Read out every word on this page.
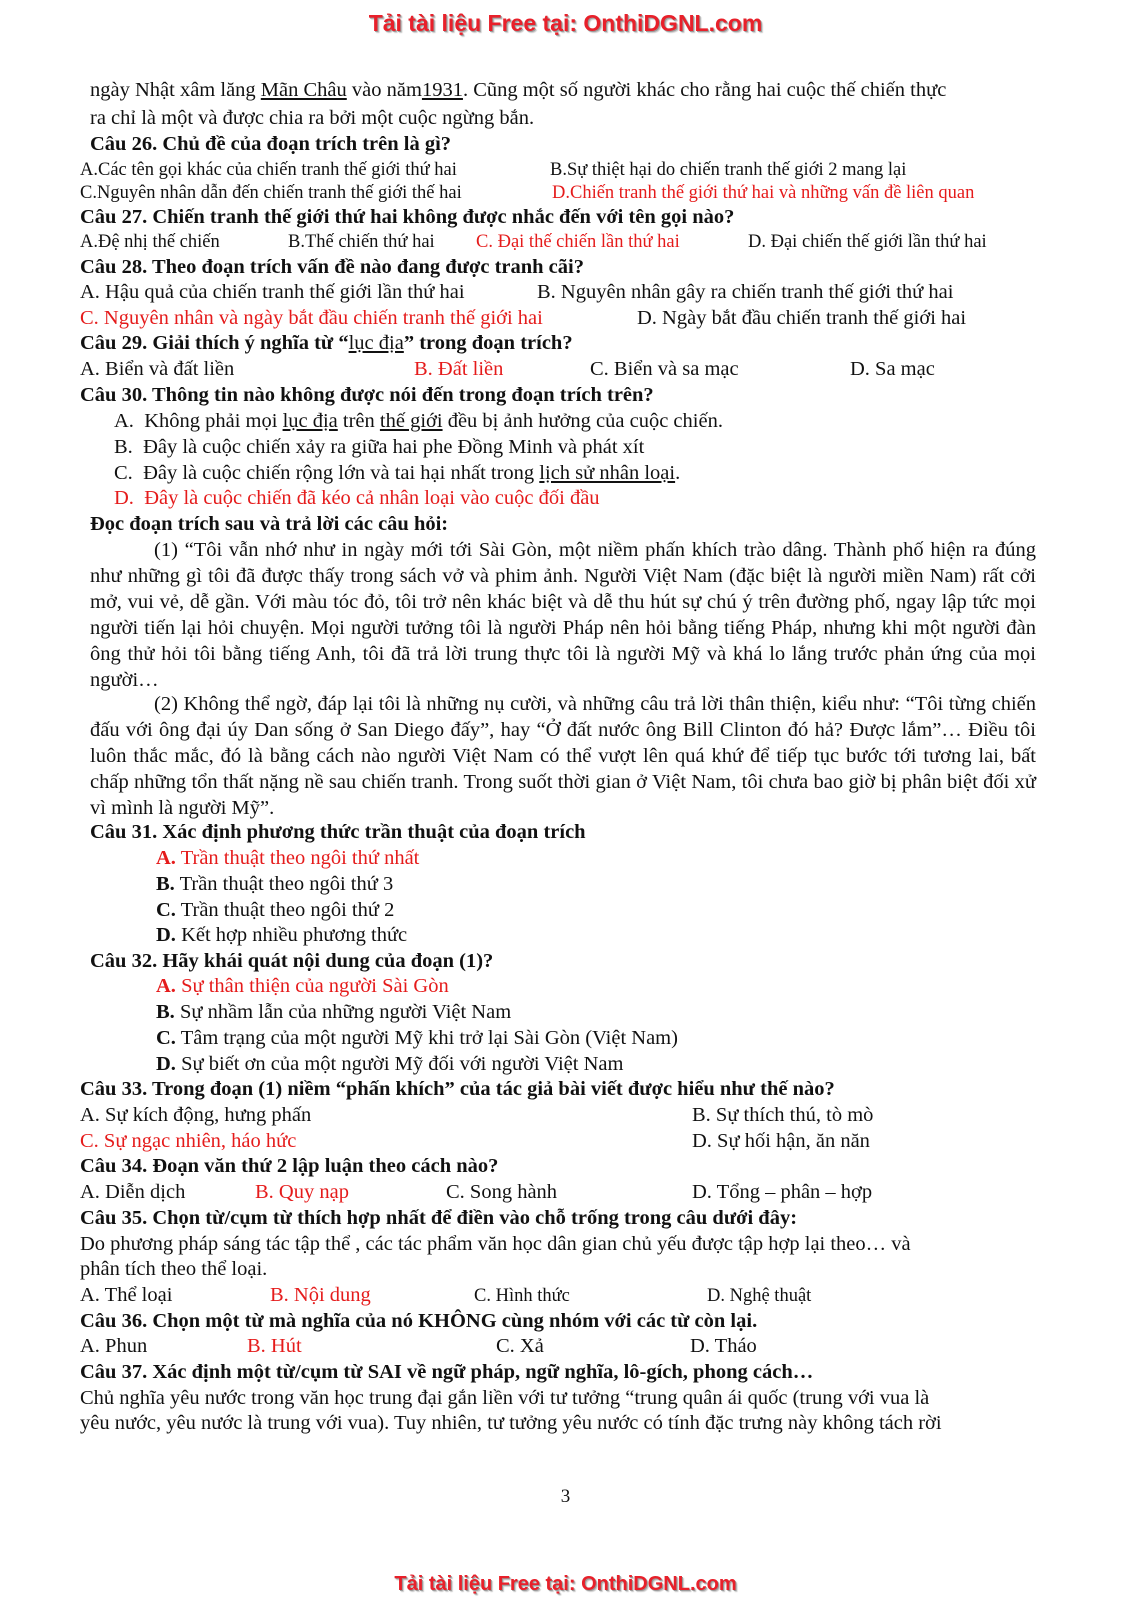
Tải tài liệu Free tại: OnthiDGNL.com
ngày Nhật xâm lăng Mãn Châu vào năm1931. Cũng một số người khác cho rằng hai cuộc thế chiến thực
ra chỉ là một và được chia ra bởi một cuộc ngừng bắn.
Câu 26. Chủ đề của đoạn trích trên là gì?
A.Các tên gọi khác của chiến tranh thế giới thứ hai	B.Sự thiệt hại do chiến tranh thế giới 2 mang lại
C.Nguyên nhân dẫn đến chiến tranh thế giới thế hai	D.Chiến tranh thế giới thứ hai và những vấn đề liên quan
Câu 27. Chiến tranh thế giới thứ hai không được nhắc đến với tên gọi nào?
A.Đệ nhị thế chiến	B.Thế chiến thứ hai C. Đại thế chiến lần thứ hai	D. Đại chiến thế giới lần thứ hai
Câu 28. Theo đoạn trích vấn đề nào đang được tranh cãi?
A. Hậu quả của chiến tranh thế giới lần thứ hai	B. Nguyên nhân gây ra chiến tranh thế giới thứ hai
C. Nguyên nhân và ngày bắt đầu chiến tranh thế giới hai	D. Ngày bắt đầu chiến tranh thế giới hai
Câu 29. Giải thích ý nghĩa từ “lục địa” trong đoạn trích?
A. Biển và đất liền	B. Đất liền	C. Biển và sa mạc	D. Sa mạc
Câu 30. Thông tin nào không được nói đến trong đoạn trích trên?
A. Không phải mọi lục địa trên thế giới đều bị ảnh hưởng của cuộc chiến.
B. Đây là cuộc chiến xảy ra giữa hai phe Đồng Minh và phát xít
C. Đây là cuộc chiến rộng lớn và tai hại nhất trong lịch sử nhân loại.
D. Đây là cuộc chiến đã kéo cả nhân loại vào cuộc đối đầu
Đọc đoạn trích sau và trả lời các câu hỏi:
(1) “Tôi vẫn nhớ như in ngày mới tới Sài Gòn, một niềm phấn khích trào dâng. Thành phố hiện ra đúng như những gì tôi đã được thấy trong sách vở và phim ảnh. Người Việt Nam (đặc biệt là người miền Nam) rất cởi mở, vui vẻ, dễ gần. Với màu tóc đỏ, tôi trở nên khác biệt và dễ thu hút sự chú ý trên đường phố, ngay lập tức mọi người tiến lại hỏi chuyện. Mọi người tưởng tôi là người Pháp nên hỏi bằng tiếng Pháp, nhưng khi một người đàn ông thử hỏi tôi bằng tiếng Anh, tôi đã trả lời trung thực tôi là người Mỹ và khá lo lắng trước phản ứng của mọi người…
(2) Không thể ngờ, đáp lại tôi là những nụ cười, và những câu trả lời thân thiện, kiểu như: “Tôi từng chiến đấu với ông đại úy Dan sống ở San Diego đấy”, hay “Ở đất nước ông Bill Clinton đó hả? Được lắm”… Điều tôi luôn thắc mắc, đó là bằng cách nào người Việt Nam có thể vượt lên quá khứ để tiếp tục bước tới tương lai, bất chấp những tổn thất nặng nề sau chiến tranh. Trong suốt thời gian ở Việt Nam, tôi chưa bao giờ bị phân biệt đối xử vì mình là người Mỹ”.
Câu 31. Xác định phương thức trần thuật của đoạn trích
A. Trần thuật theo ngôi thứ nhất
B. Trần thuật theo ngôi thứ 3
C. Trần thuật theo ngôi thứ 2
D. Kết hợp nhiều phương thức
Câu 32. Hãy khái quát nội dung của đoạn (1)?
A. Sự thân thiện của người Sài Gòn
B. Sự nhầm lẫn của những người Việt Nam
C. Tâm trạng của một người Mỹ khi trở lại Sài Gòn (Việt Nam)
D. Sự biết ơn của một người Mỹ đối với người Việt Nam
Câu 33. Trong đoạn (1) niềm “phấn khích” của tác giả bài viết được hiểu như thế nào?
A. Sự kích động, hưng phấn	B. Sự thích thú, tò mò
C. Sự ngạc nhiên, háo hức	D. Sự hối hận, ăn năn
Câu 34. Đoạn văn thứ 2 lập luận theo cách nào?
A. Diễn dịch	B. Quy nạp	C. Song hành	D. Tổng – phân – hợp
Câu 35. Chọn từ/cụm từ thích hợp nhất để điền vào chỗ trống trong câu dưới đây:
Do phương pháp sáng tác tập thể , các tác phẩm văn học dân gian chủ yếu được tập hợp lại theo… và
phân tích theo thể loại.
A. Thể loại	B. Nội dung	C. Hình thức	D. Nghệ thuật
Câu 36. Chọn một từ mà nghĩa của nó KHÔNG cùng nhóm với các từ còn lại.
A. Phun	B. Hút	C. Xả	D. Tháo
Câu 37. Xác định một từ/cụm từ SAI về ngữ pháp, ngữ nghĩa, lô-gích, phong cách…
Chủ nghĩa yêu nước trong văn học trung đại gắn liền với tư tưởng “trung quân ái quốc (trung với vua là
yêu nước, yêu nước là trung với vua). Tuy nhiên, tư tưởng yêu nước có tính đặc trưng này không tách rời
3
Tải tài liệu Free tại: OnthiDGNL.com
